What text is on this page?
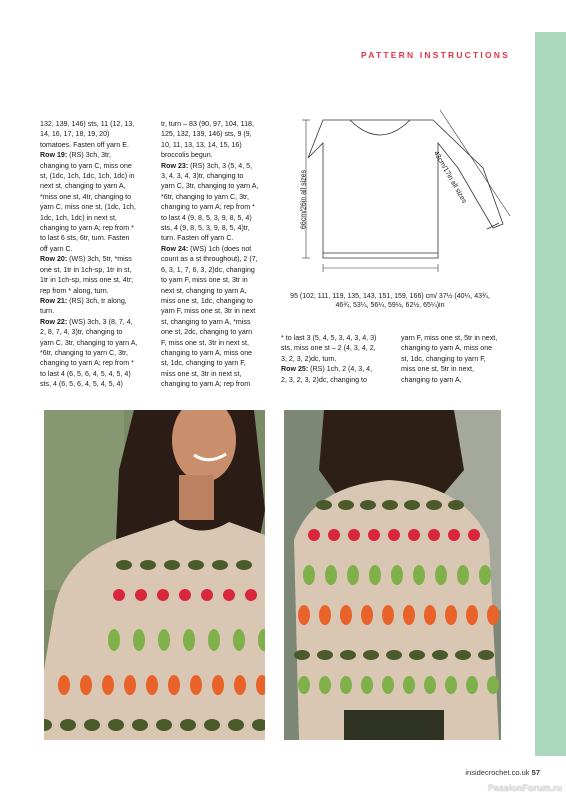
PATTERN INSTRUCTIONS

132, 139, 146) sts, 11 (12, 13, 14, 16, 17, 18, 19, 20) tomatoes. Fasten off yarn E.

Row 19: (RS) 3ch, 3tr, changing to yarn C, miss one st, (1dc, 1ch, 1dc, 1ch, 1dc) in next st, changing to yarn A, *miss one st, 4tr, changing to yarn C, miss one st, (1dc, 1ch, 1dc, 1ch, 1dc) in next st, changing to yarn A; rep from * to last 6 sts, 6tr, turn. Fasten off yarn C.

Row 20: (WS) 3ch, 5tr, *miss one st, 1tr in 1ch-sp, 1tr in st, 1tr in 1ch-sp, miss one st, 4tr; rep from * along, turn.

Row 21: (RS) 3ch, tr along, turn.

Row 22: (WS) 3ch, 3 (8, 7, 4, 2, 8, 7, 4, 3)tr, changing to yarn C, 3tr, changing to yarn A, *6tr, changing to yarn C, 3tr, changing to yarn A; rep from * to last 4 (6, 5, 6, 4, 5, 4, 5, 4) sts, 4 (6, 5, 6, 4, 5, 4, 5, 4)

tr, turn – 83 (90, 97, 104, 118, 125, 132, 139, 146) sts, 9 (9, 10, 11, 13, 13, 14, 15, 16) broccolis begun.

Row 23: (RS) 3ch, 3 (5, 4, 5, 3, 4, 3, 4, 3)tr, changing to yarn C, 3tr, changing to yarn A, *6tr, changing to yarn C, 3tr, changing to yarn A; rep from * to last 4 (9, 8, 5, 3, 9, 8, 5, 4) sts, 4 (9, 8, 5, 3, 9, 8, 5, 4)tr, turn. Fasten off yarn C.

Row 24: (WS) 1ch (does not count as a st throughout), 2 (7, 6, 3, 1, 7, 6, 3, 2)dc, changing to yarn F, miss one st, 3tr in next st, changing to yarn A, miss one st, 1dc, changing to yarn F, miss one st, 3tr in next st, changing to yarn A, *miss one st, 2dc, changing to yarn F, miss one st, 3tr in next st, changing to yarn A, miss one st, 1dc, changing to yarn F, miss one st, 3tr in next st, changing to yarn A; rep from

* to last 3 (5, 4, 5, 3, 4, 3, 4, 3) sts, miss one st – 2 (4, 3, 4, 2, 3, 2, 3, 2)dc, turn.

Row 25: (RS) 1ch, 2 (4, 3, 4, 2, 3, 2, 3, 2)dc, changing to

yarn F, miss one st, 5tr in next, changing to yarn A, miss one st, 1dc, changing to yarn F, miss one st, 5tr in next, changing to yarn A,

66cm/26in all sizes	43cm/17in all sizes
95 (102, 111, 119, 135, 143, 151, 159, 166) cm/ 37½ (40¼, 43¾, 46¾, 53¼, 56¼, 59½, 62½, 65¼)in
insidecrochet.co.uk 57
PassionForum.ru
